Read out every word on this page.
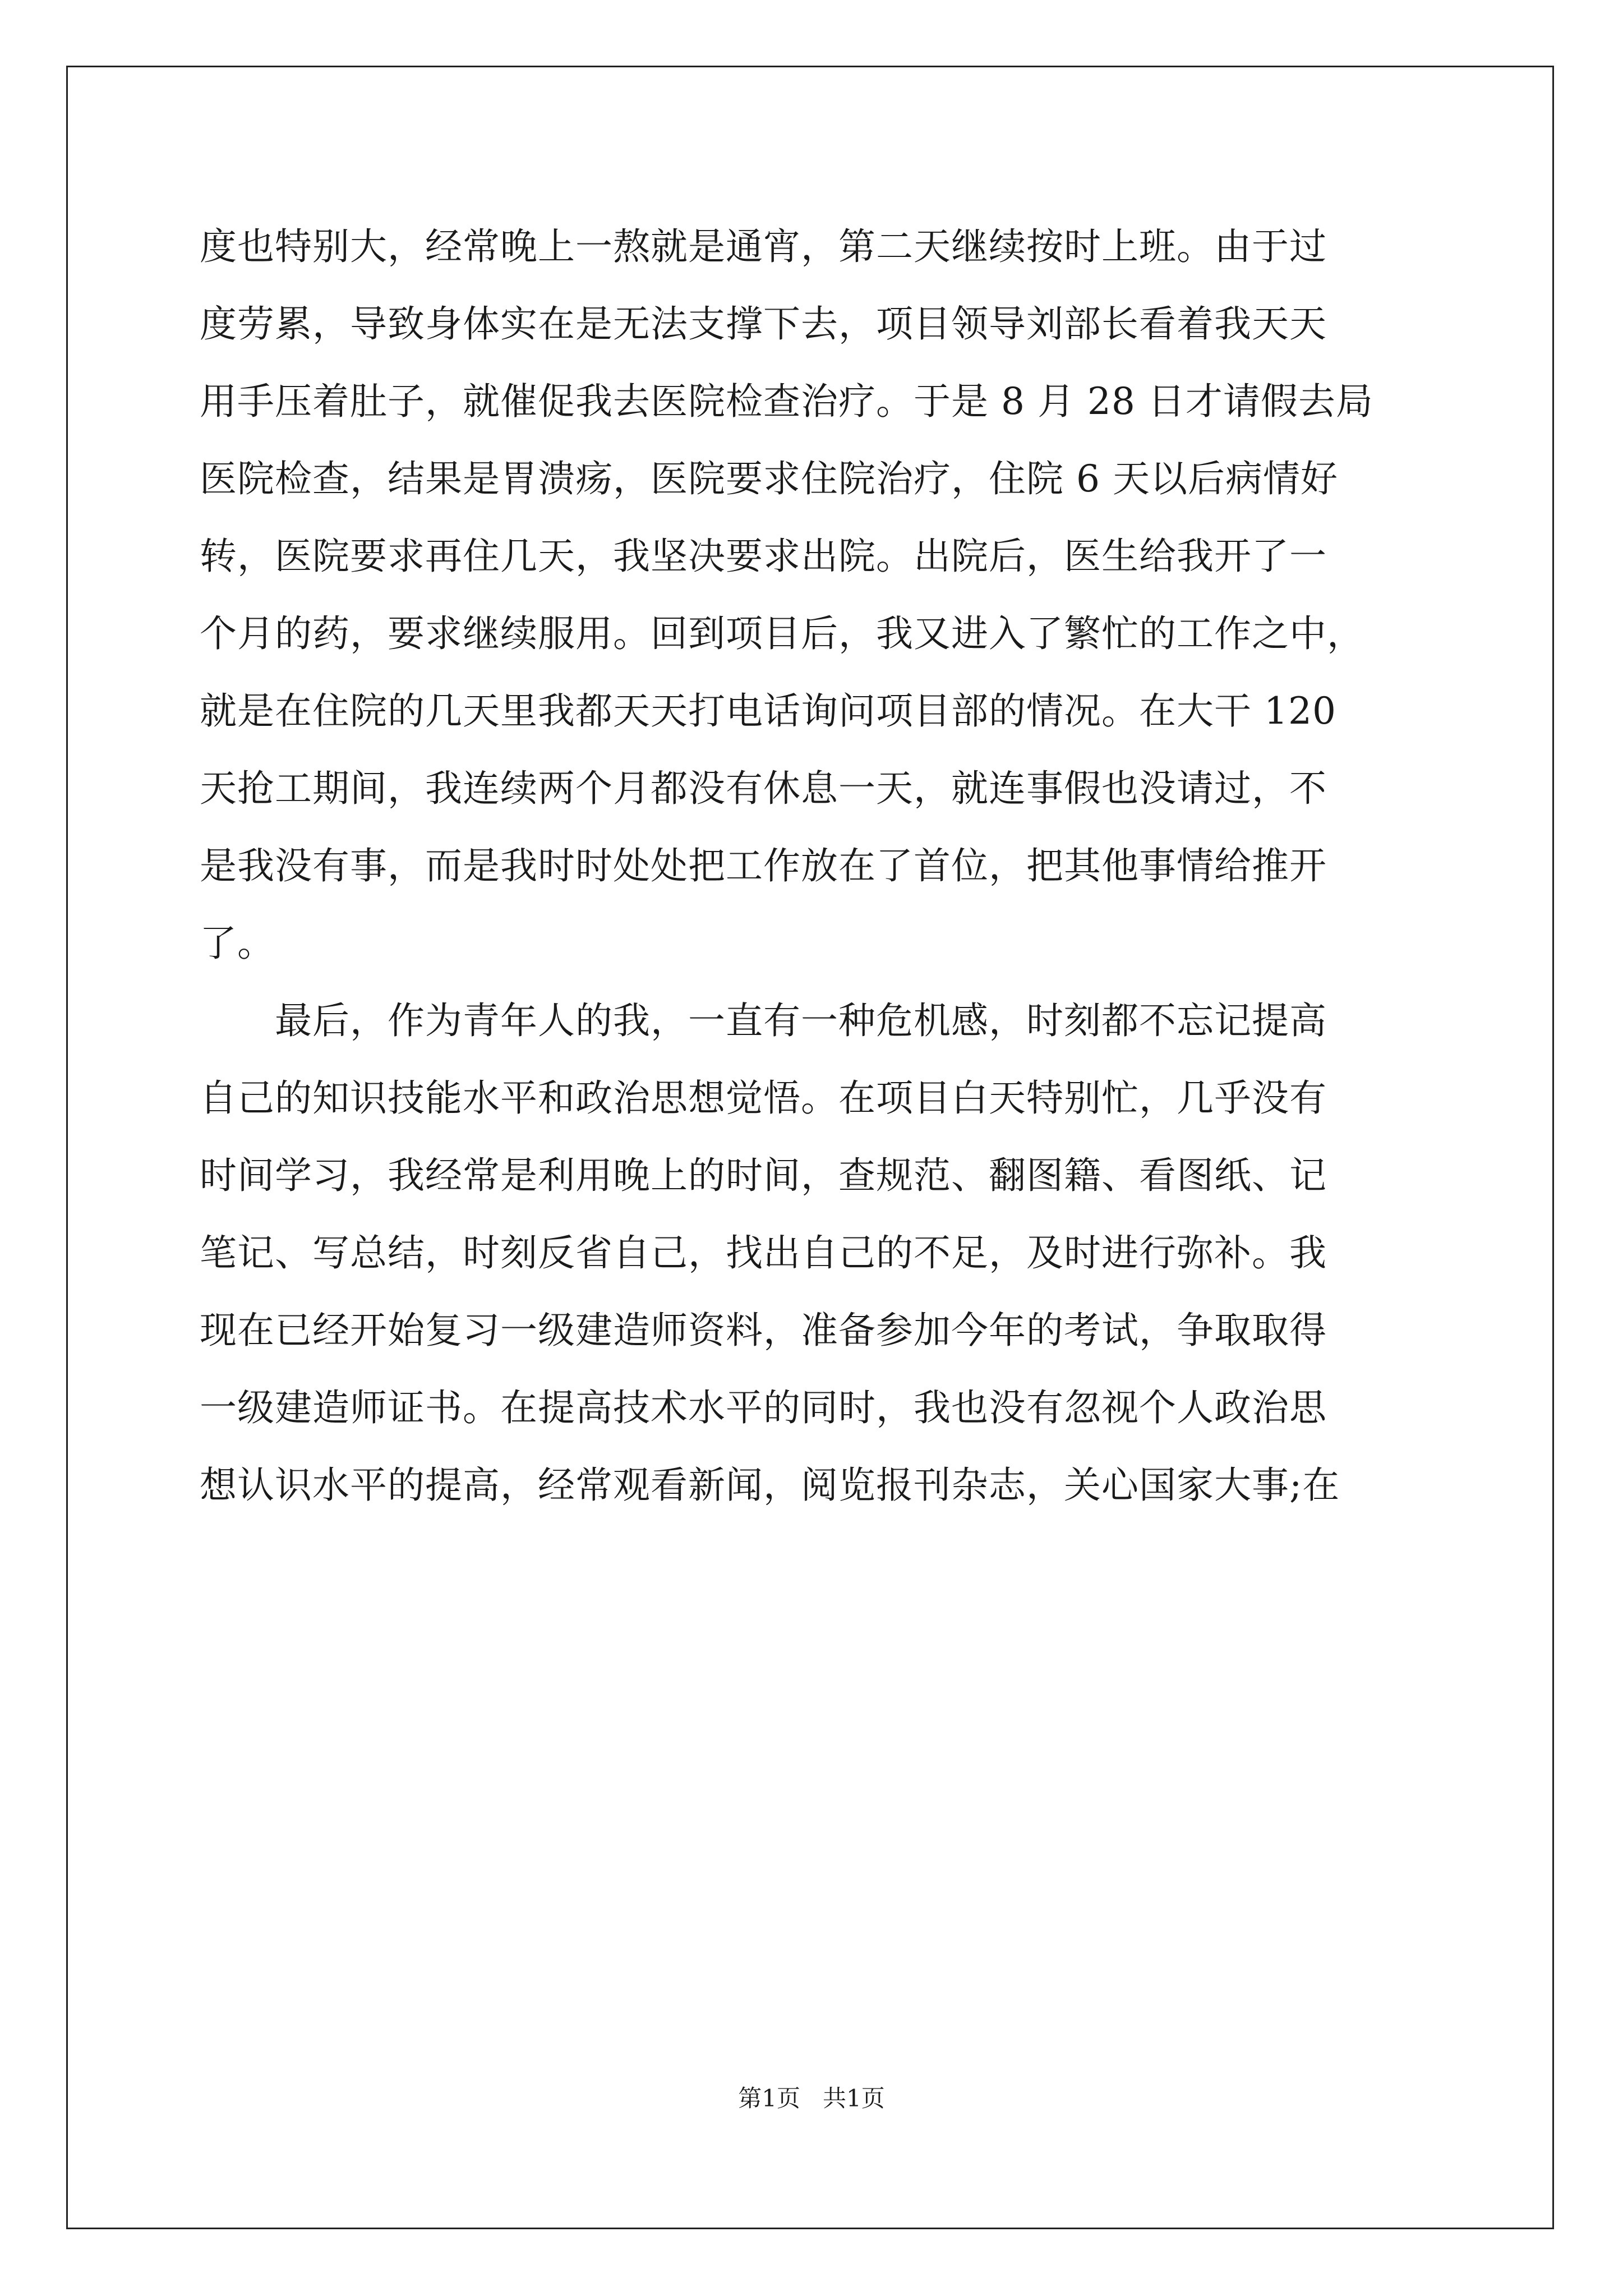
度也特别大，经常晚上一熬就是通宵，第二天继续按时上班。由于过
度劳累，导致身体实在是无法支撑下去，项目领导刘部长看着我天天
用手压着肚子，就催促我去医院检查治疗。于是 8 月 28 日才请假去局
医院检查，结果是胃溃疡，医院要求住院治疗，住院 6 天以后病情好
转，医院要求再住几天，我坚决要求出院。出院后，医生给我开了一
个月的药，要求继续服用。回到项目后，我又进入了繁忙的工作之中，
就是在住院的几天里我都天天打电话询问项目部的情况。在大干 120
天抢工期间，我连续两个月都没有休息一天，就连事假也没请过，不
是我没有事，而是我时时处处把工作放在了首位，把其他事情给推开
了。
　　最后，作为青年人的我，一直有一种危机感，时刻都不忘记提高
自己的知识技能水平和政治思想觉悟。在项目白天特别忙，几乎没有
时间学习，我经常是利用晚上的时间，查规范、翻图籍、看图纸、记
笔记、写总结，时刻反省自己，找出自己的不足，及时进行弥补。我
现在已经开始复习一级建造师资料，准备参加今年的考试，争取取得
一级建造师证书。在提高技术水平的同时，我也没有忽视个人政治思
想认识水平的提高，经常观看新闻，阅览报刊杂志，关心国家大事;在
第1页   共1页
